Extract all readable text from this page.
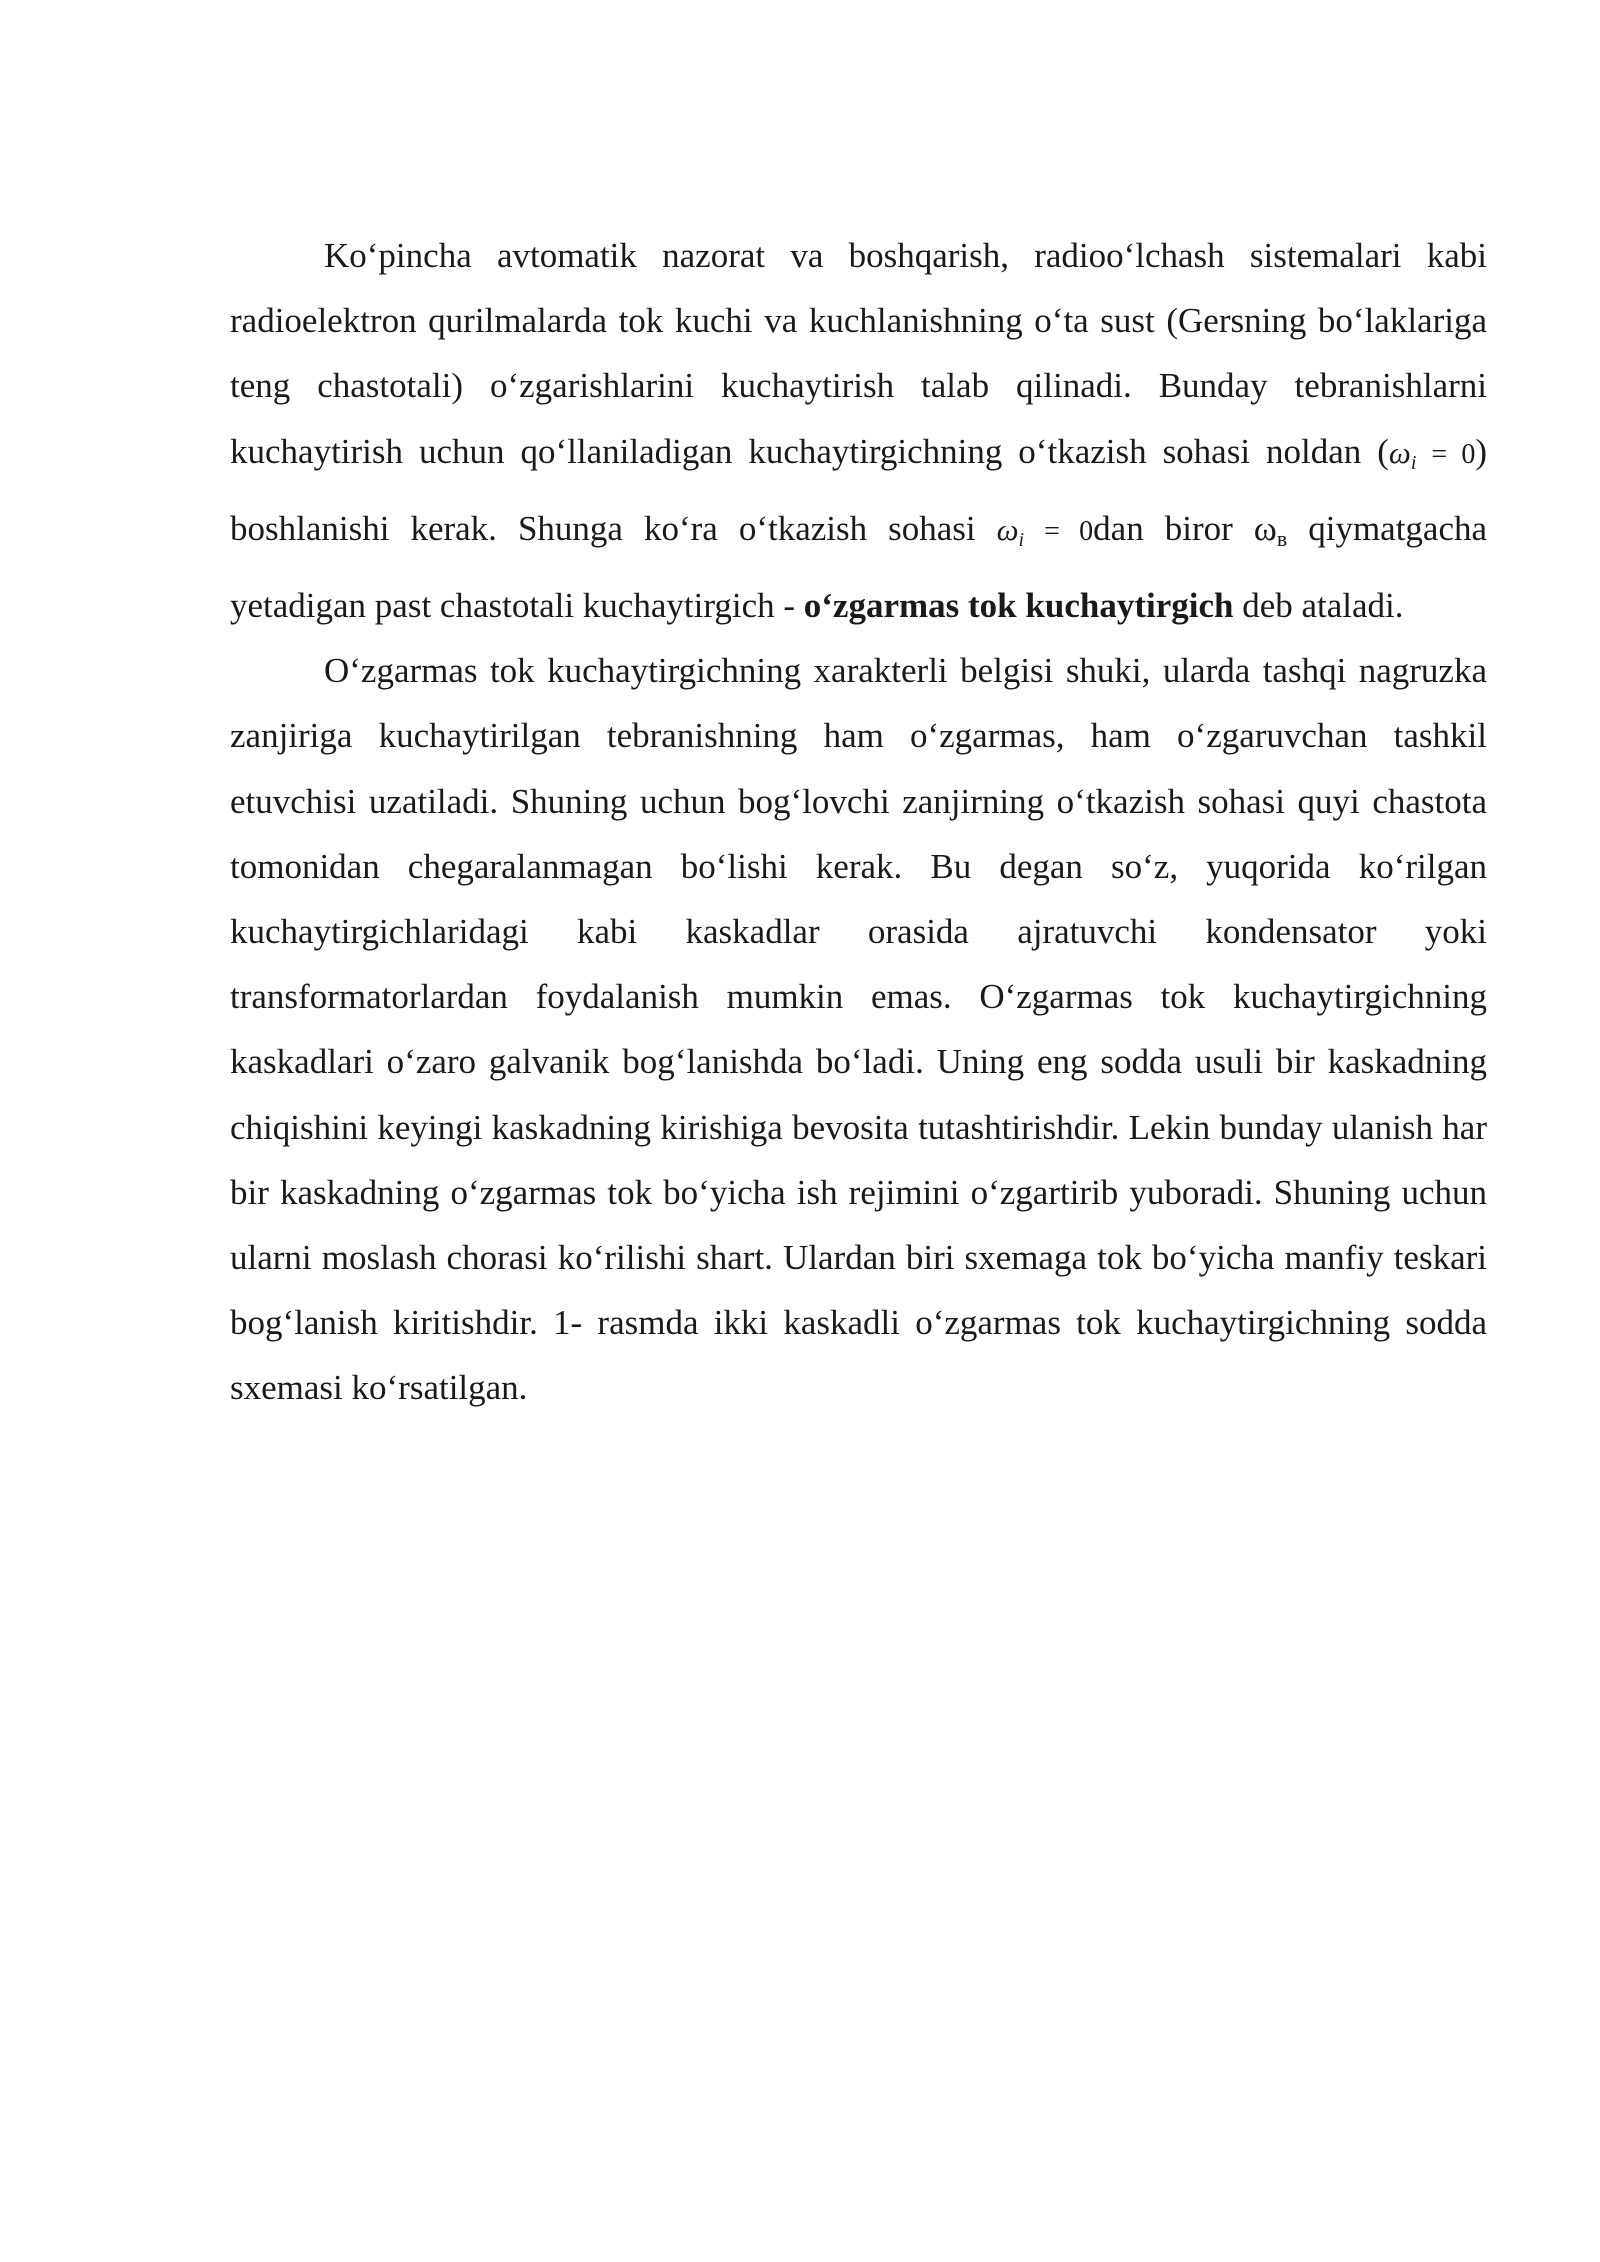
Ko‘pincha avtomatik nazorat va boshqarish, radioo‘lchash sistemalari kabi radioelektron qurilmalarda tok kuchi va kuchlanishning o‘ta sust (Gersning bo‘laklariga teng chastotali) o‘zgarishlarini kuchaytirish talab qilinadi. Bunday tebranishlarni kuchaytirish uchun qo‘llaniladigan kuchaytirgichning o‘tkazish sohasi noldan $(\omega_i = 0)$ boshlanishi kerak. Shunga ko‘ra o‘tkazish sohasi $\omega_i = 0dan$ biror ωв qiymatgacha yetadigan past chastotali kuchaytirgich - o‘zgarmas tok kuchaytirgich deb ataladi.

O‘zgarmas tok kuchaytirgichning xarakterli belgisi shuki, ularda tashqi nagruzka zanjiriga kuchaytirilgan tebranishning ham o‘zgarmas, ham o‘zgaruvchan tashkil etuvchisi uzatiladi. Shuning uchun bog‘lovchi zanjirning o‘tkazish sohasi quyi chastota tomonidan chegaralanmagan bo‘lishi kerak. Bu degan so‘z, yuqorida ko‘rilgan kuchaytirgichlaridagi kabi kaskadlar orasida ajratuvchi kondensator yoki transformatorlardan foydalanish mumkin emas. O‘zgarmas tok kuchaytirgichning kaskadlari o‘zaro galvanik bog‘lanishda bo‘ladi. Uning eng sodda usuli bir kaskadning chiqishini keyingi kaskadning kirishiga bevosita tutashtirishdir. Lekin bunday ulanish har bir kaskadning o‘zgarmas tok bo‘yicha ish rejimini o‘zgartirib yuboradi. Shuning uchun ularni moslash chorasi ko‘rilishi shart. Ulardan biri sxemaga tok bo‘yicha manfiy teskari bog‘lanish kiritishdir. 1- rasmda ikki kaskadli o‘zgarmas tok kuchaytirgichning sodda sxemasi ko‘rsatilgan.
